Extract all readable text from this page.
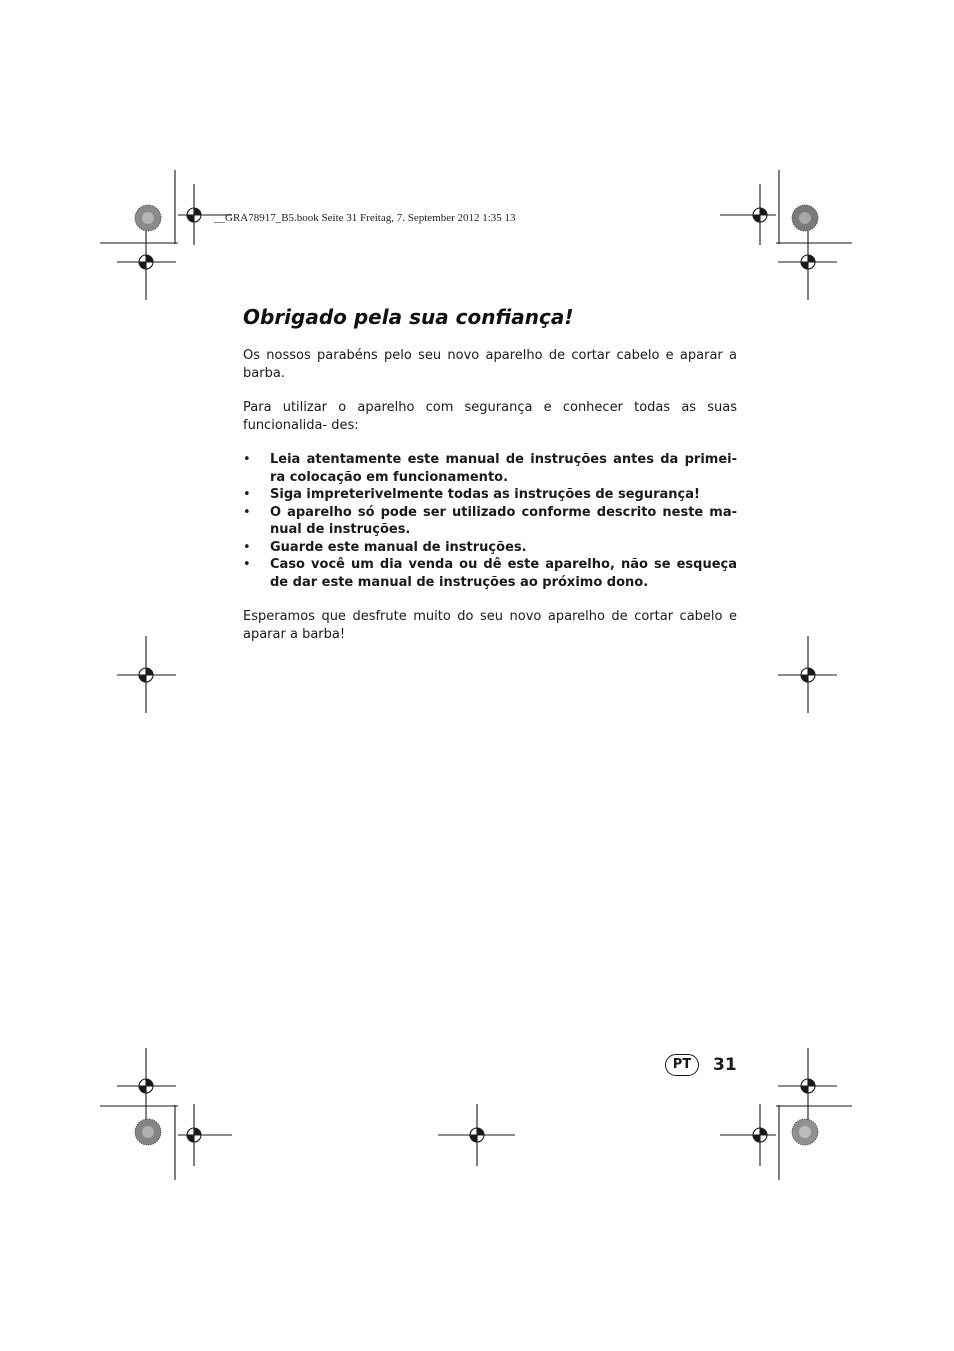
__GRA78917_B5.book Seite 31 Freitag, 7. September 2012 1:35 13
Obrigado pela sua confiança!

Os nossos parabéns pelo seu novo aparelho de cortar cabelo e aparar a barba.

Para utilizar o aparelho com segurança e conhecer todas as suas funcionalida- des:

• Leia atentamente este manual de instruções antes da primei- ra colocação em funcionamento.
• Siga impreterivelmente todas as instruções de segurança!
• O aparelho só pode ser utilizado conforme descrito neste ma- nual de instruções.
• Guarde este manual de instruções.
• Caso você um dia venda ou dê este aparelho, não se esqueça de dar este manual de instruções ao próximo dono.

Esperamos que desfrute muito do seu novo aparelho de cortar cabelo e aparar a barba!

PT	31
